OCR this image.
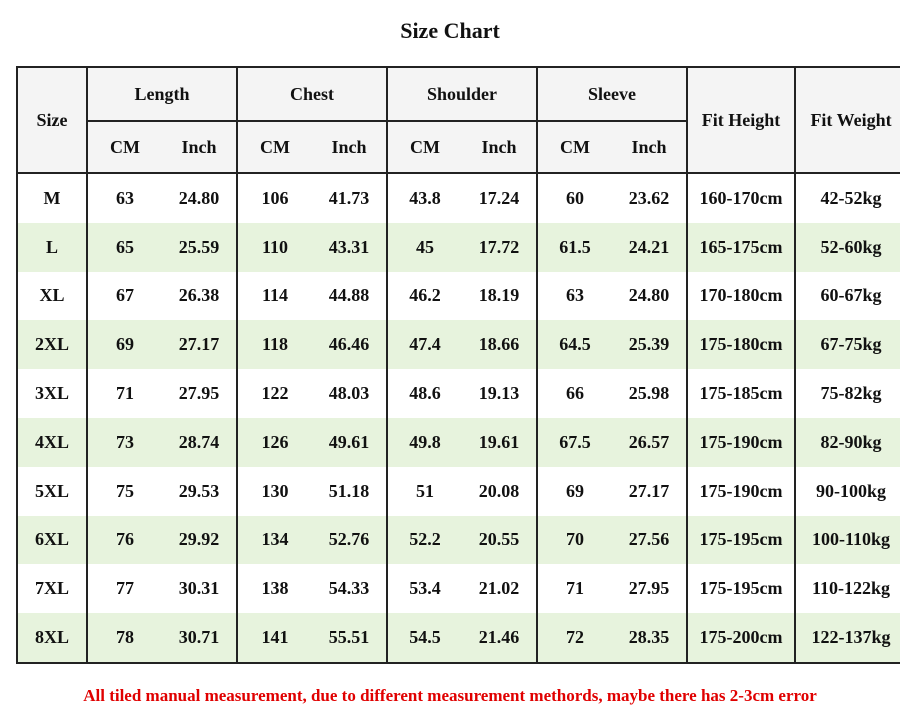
Size Chart
Size	Length		Chest		Shoulder		Sleeve		Fit Height	Fit Weight
	CM	Inch	CM	Inch	CM	Inch	CM	Inch		
M	63	24.80	106	41.73	43.8	17.24	60	23.62	160-170cm	42-52kg
L	65	25.59	110	43.31	45	17.72	61.5	24.21	165-175cm	52-60kg
XL	67	26.38	114	44.88	46.2	18.19	63	24.80	170-180cm	60-67kg
2XL	69	27.17	118	46.46	47.4	18.66	64.5	25.39	175-180cm	67-75kg
3XL	71	27.95	122	48.03	48.6	19.13	66	25.98	175-185cm	75-82kg
4XL	73	28.74	126	49.61	49.8	19.61	67.5	26.57	175-190cm	82-90kg
5XL	75	29.53	130	51.18	51	20.08	69	27.17	175-190cm	90-100kg
6XL	76	29.92	134	52.76	52.2	20.55	70	27.56	175-195cm	100-110kg
7XL	77	30.31	138	54.33	53.4	21.02	71	27.95	175-195cm	110-122kg
8XL	78	30.71	141	55.51	54.5	21.46	72	28.35	175-200cm	122-137kg
All tiled manual measurement, due to different measurement methords, maybe there has 2-3cm error
